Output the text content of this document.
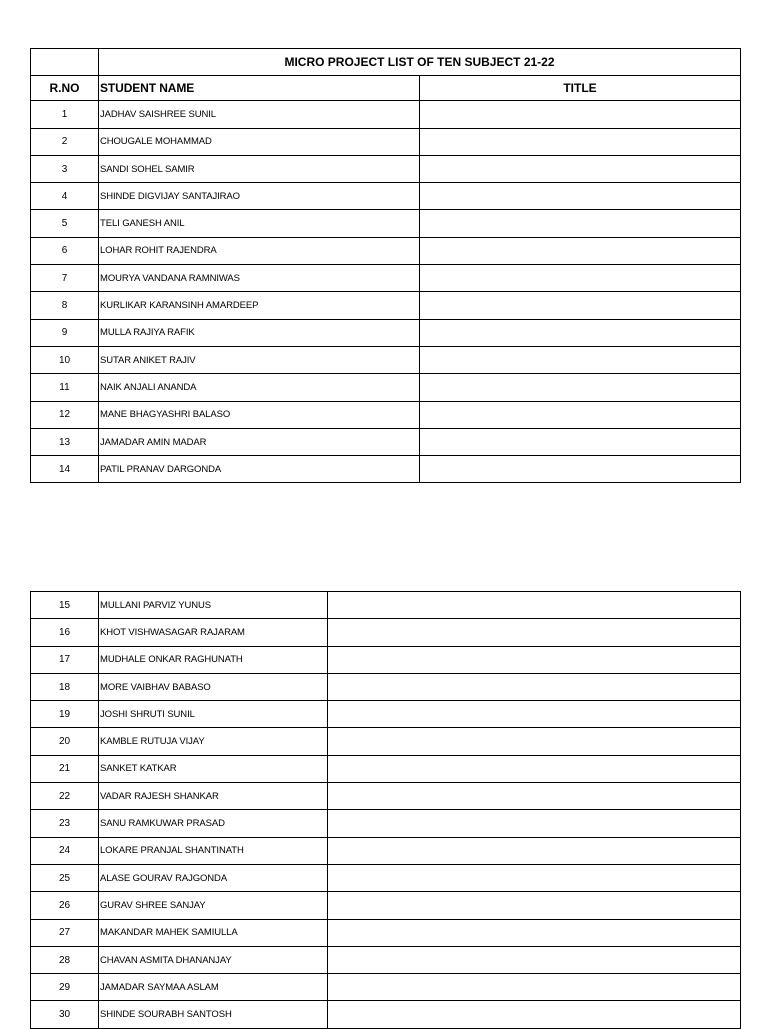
	MICRO PROJECT LIST OF TEN SUBJECT 21-22	
R.NO	STUDENT NAME	TITLE
1	JADHAV SAISHREE SUNIL	
2	CHOUGALE MOHAMMAD	
3	SANDI SOHEL SAMIR	
4	SHINDE DIGVIJAY SANTAJIRAO	
5	TELI GANESH ANIL	
6	LOHAR ROHIT RAJENDRA	
7	MOURYA VANDANA RAMNIWAS	
8	KURLIKAR KARANSINH AMARDEEP	
9	MULLA RAJIYA RAFIK	
10	SUTAR ANIKET RAJIV	
11	NAIK ANJALI ANANDA	
12	MANE BHAGYASHRI BALASO	
13	JAMADAR AMIN MADAR	
14	PATIL PRANAV DARGONDA	
15	MULLANI PARVIZ YUNUS	
16	KHOT VISHWASAGAR RAJARAM	
17	MUDHALE ONKAR RAGHUNATH	
18	MORE VAIBHAV BABASO	
19	JOSHI SHRUTI SUNIL	
20	KAMBLE RUTUJA VIJAY	
21	SANKET KATKAR	
22	VADAR RAJESH SHANKAR	
23	SANU RAMKUWAR PRASAD	
24	LOKARE PRANJAL SHANTINATH	
25	ALASE GOURAV RAJGONDA	
26	GURAV SHREE SANJAY	
27	MAKANDAR MAHEK SAMIULLA	
28	CHAVAN ASMITA DHANANJAY	
29	JAMADAR SAYMAA ASLAM	
30	SHINDE SOURABH SANTOSH	
